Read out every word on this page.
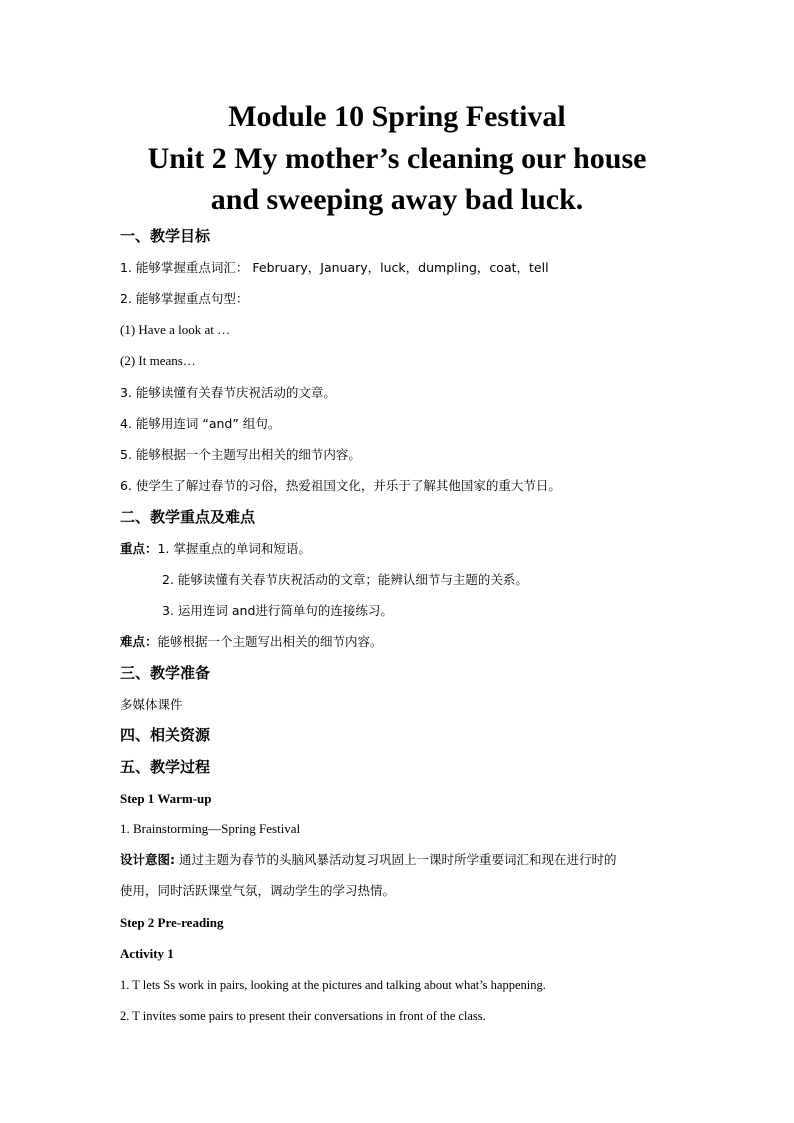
Module 10 Spring Festival
Unit 2 My mother’s cleaning our house
and sweeping away bad luck.
一、教学目标
1. 能够掌握重点词汇： February，January，luck，dumpling，coat，tell
2. 能够掌握重点句型：
(1) Have a look at …
(2) It means…
3. 能够读懂有关春节庆祝活动的文章。
4. 能够用连词 “and” 组句。
5. 能够根据一个主题写出相关的细节内容。
6. 使学生了解过春节的习俗，热爱祖国文化，并乐于了解其他国家的重大节日。
二、教学重点及难点
重点：1. 掌握重点的单词和短语。
2. 能够读懂有关春节庆祝活动的文章；能辨认细节与主题的关系。
3. 运用连词 and进行简单句的连接练习。
难点：能够根据一个主题写出相关的细节内容。
三、教学准备
多媒体课件
四、相关资源
五、教学过程
Step 1 Warm-up
1. Brainstorming—Spring Festival
设计意图: 通过主题为春节的头脑风暴活动复习巩固上一课时所学重要词汇和现在进行时的
使用，同时活跃课堂气氛，调动学生的学习热情。
Step 2 Pre-reading
Activity 1
1. T lets Ss work in pairs, looking at the pictures and talking about what’s happening.
2. T invites some pairs to present their conversations in front of the class.
